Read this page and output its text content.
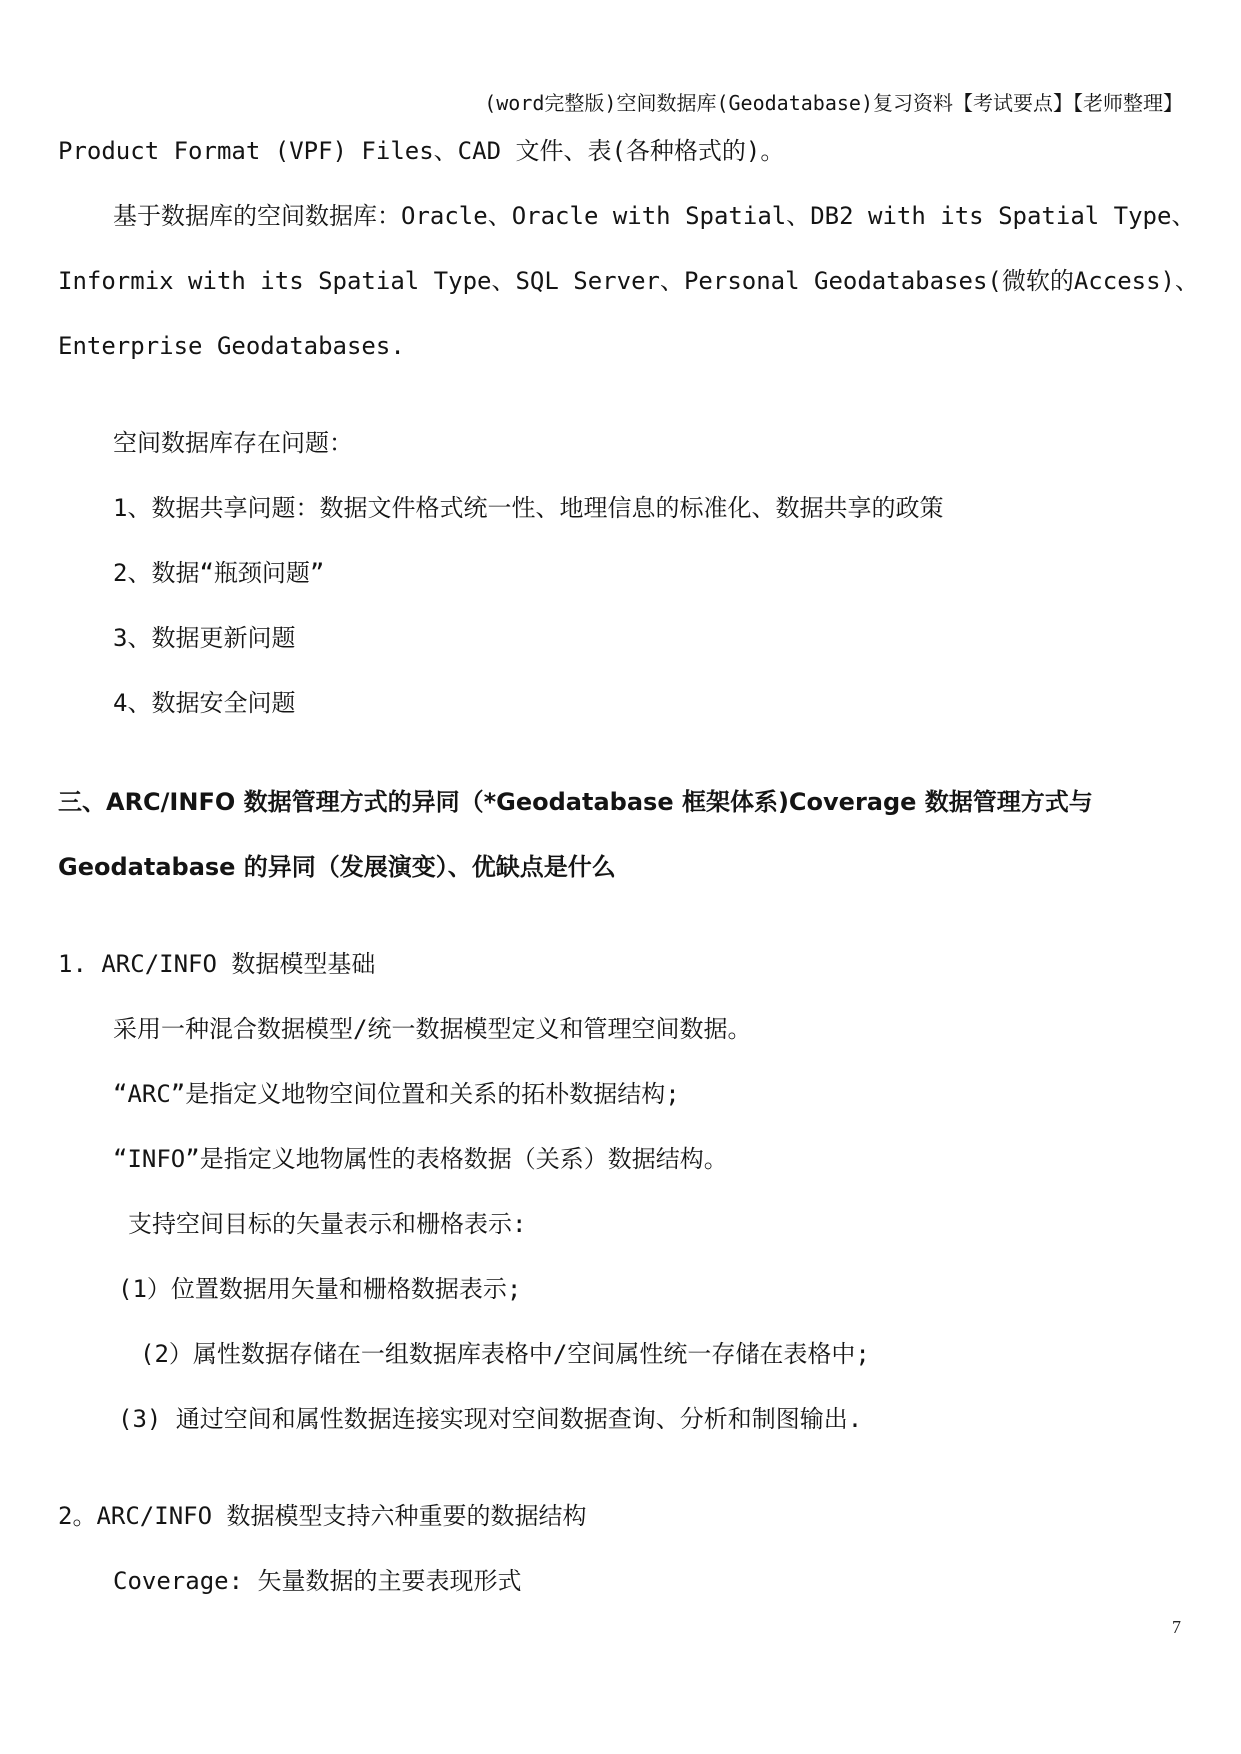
(word完整版)空间数据库(Geodatabase)复习资料【考试要点】【老师整理】
Product Format (VPF) Files、CAD 文件、表(各种格式的)。
基于数据库的空间数据库：Oracle、Oracle with Spatial、DB2 with its Spatial Type、
Informix with its Spatial Type、SQL Server、Personal Geodatabases(微软的Access)、
Enterprise Geodatabases.
空间数据库存在问题：
1、数据共享问题：数据文件格式统一性、地理信息的标准化、数据共享的政策
2、数据“瓶颈问题”
3、数据更新问题
4、数据安全问题
三、ARC/INFO 数据管理方式的异同（*Geodatabase 框架体系)Coverage 数据管理方式与
Geodatabase 的异同（发展演变）、优缺点是什么
1. ARC/INFO 数据模型基础
采用一种混合数据模型/统一数据模型定义和管理空间数据。
“ARC”是指定义地物空间位置和关系的拓朴数据结构;
“INFO”是指定义地物属性的表格数据（关系）数据结构。
支持空间目标的矢量表示和栅格表示:
(1）位置数据用矢量和栅格数据表示;
(2）属性数据存储在一组数据库表格中/空间属性统一存储在表格中;
(3) 通过空间和属性数据连接实现对空间数据查询、分析和制图输出.
2。ARC/INFO 数据模型支持六种重要的数据结构
Coverage: 矢量数据的主要表现形式
7
